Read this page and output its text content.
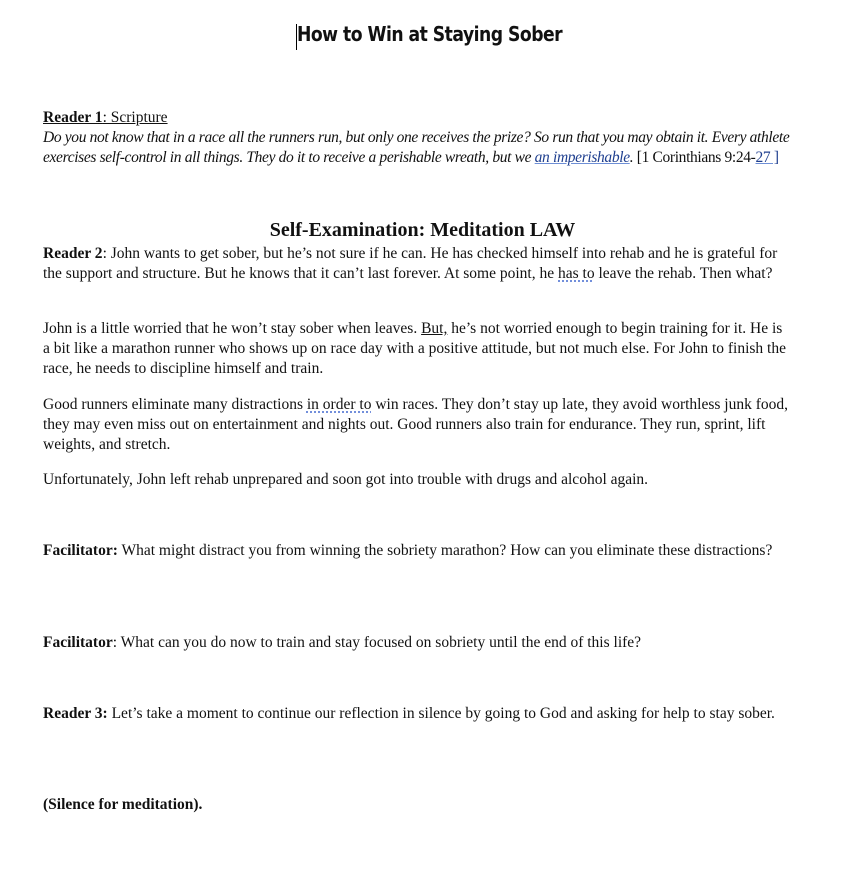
How to Win at Staying Sober

Reader 1: Scripture

Do you not know that in a race all the runners run, but only one receives the prize? So run that you may obtain it. Every athlete exercises self-control in all things. They do it to receive a perishable wreath, but we an imperishable. [1 Corinthians 9:24-27 ]

Self-Examination: Meditation LAW

Reader 2: John wants to get sober, but he’s not sure if he can. He has checked himself into rehab and he is grateful for the support and structure. But he knows that it can’t last forever. At some point, he has to leave the rehab. Then what?

John is a little worried that he won’t stay sober when leaves. But, he’s not worried enough to begin training for it. He is a bit like a marathon runner who shows up on race day with a positive attitude, but not much else. For John to finish the race, he needs to discipline himself and train.

Good runners eliminate many distractions in order to win races. They don’t stay up late, they avoid worthless junk food, they may even miss out on entertainment and nights out. Good runners also train for endurance. They run, sprint, lift weights, and stretch.

Unfortunately, John left rehab unprepared and soon got into trouble with drugs and alcohol again.

Facilitator: What might distract you from winning the sobriety marathon? How can you eliminate these distractions?

Facilitator: What can you do now to train and stay focused on sobriety until the end of this life?

Reader 3: Let’s take a moment to continue our reflection in silence by going to God and asking for help to stay sober.

(Silence for meditation).
